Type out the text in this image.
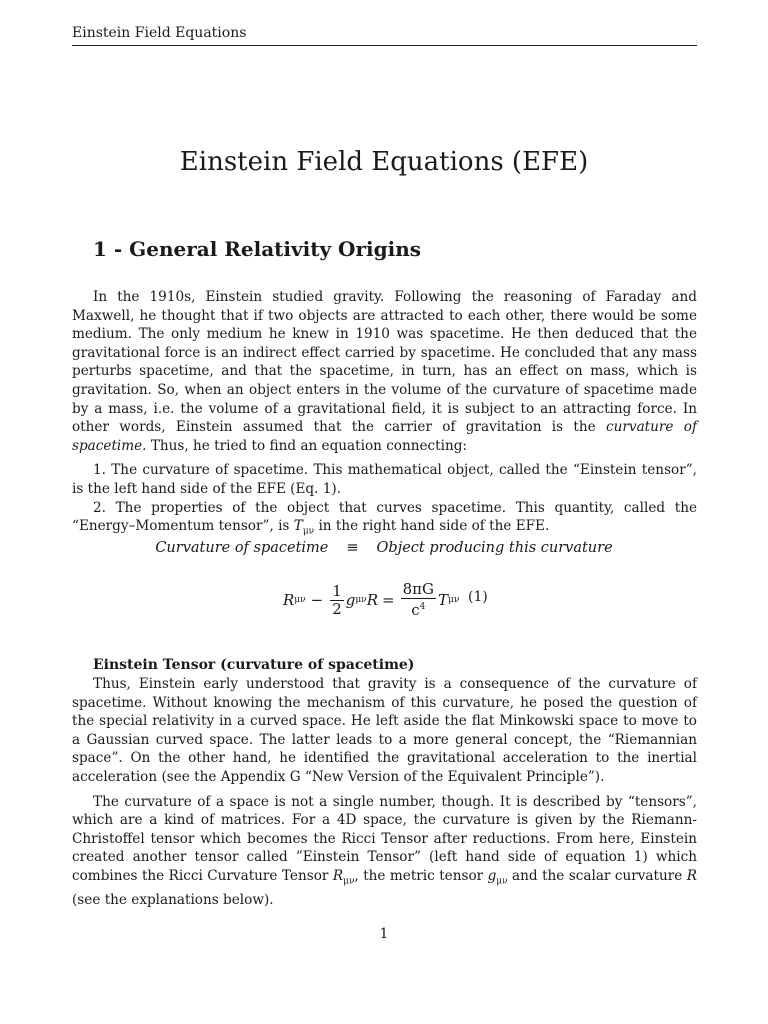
Einstein Field Equations
Einstein Field Equations (EFE)
1 - General Relativity Origins

In the 1910s, Einstein studied gravity. Following the reasoning of Faraday and Maxwell, he thought that if two objects are attracted to each other, there would be some medium. The only medium he knew in 1910 was spacetime. He then deduced that the gravitational force is an indirect effect carried by spacetime. He concluded that any mass perturbs spacetime, and that the spacetime, in turn, has an effect on mass, which is gravitation. So, when an object enters in the volume of the curvature of spacetime made by a mass, i.e. the volume of a gravitational field, it is subject to an attracting force. In other words, Einstein assumed that the carrier of gravitation is the curvature of spacetime. Thus, he tried to find an equation connecting:

1. The curvature of spacetime. This mathematical object, called the “Einstein tensor”, is the left hand side of the EFE (Eq. 1).

2. The properties of the object that curves spacetime. This quantity, called the “Energy–Momentum tensor”, is $T_{\mu\nu}$ in the right hand side of the EFE.

Curvature of spacetime ≡ Object producing this curvature
R $\mu\nu - \frac{1}{2}$ g μν $R = \frac{8\pi G}{c^4}$ T μν (1)
Einstein Tensor (curvature of spacetime)

Thus, Einstein early understood that gravity is a consequence of the curvature of spacetime. Without knowing the mechanism of this curvature, he posed the question of the special relativity in a curved space. He left aside the flat Minkowski space to move to a Gaussian curved space. The latter leads to a more general concept, the “Riemannian space”. On the other hand, he identified the gravitational acceleration to the inertial acceleration (see the Appendix G “New Version of the Equivalent Principle”).

The curvature of a space is not a single number, though. It is described by “tensors”, which are a kind of matrices. For a 4D space, the curvature is given by the Riemann-Christoffel tensor which becomes the Ricci Tensor after reductions. From here, Einstein created another tensor called ”Einstein Tensor” (left hand side of equation 1) which combines the Ricci Curvature Tensor $R_{\mu\nu}$, the metric tensor $g_{\mu\nu}$ and the scalar curvature R (see the explanations below).

1
